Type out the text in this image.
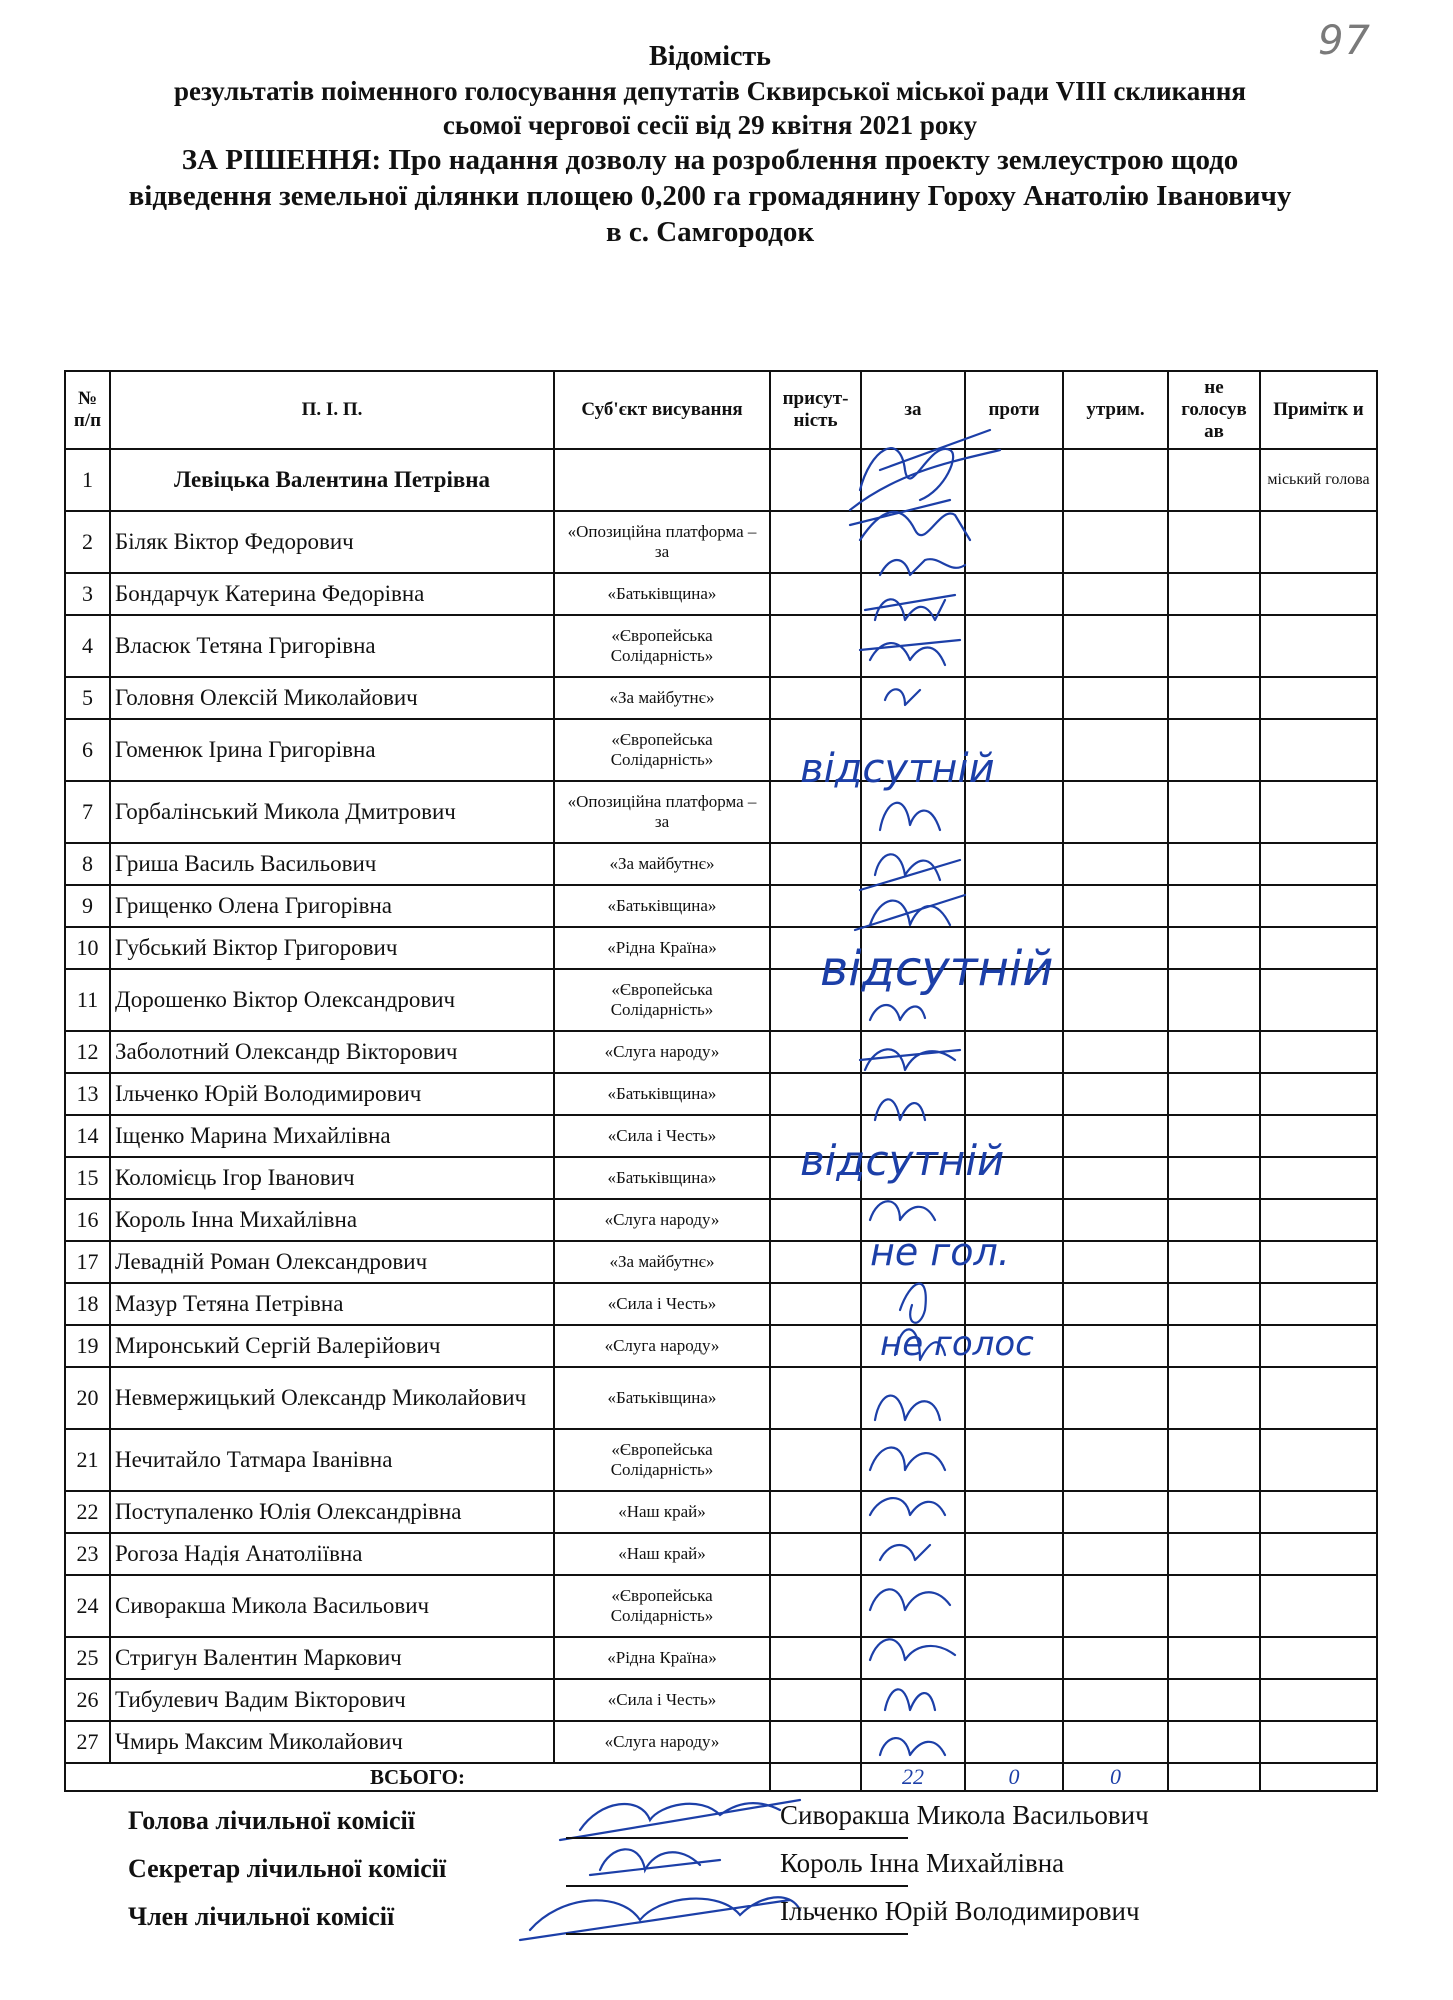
97
Відомість
результатів поіменного голосування депутатів Сквирської міської ради VIII скликання
сьомої чергової сесії від 29 квітня 2021 року
ЗА РІШЕННЯ: Про надання дозволу на розроблення проекту землеустрою щодо
відведення земельної ділянки площею 0,200 га громадянину Гороху Анатолію Івановичу
в с. Самгородок
№ п/п	П. І. П.	Суб'єкт висування	присут-ність	за	проти	утрим.	не голосув ав	Примітк и
1	Левіцька Валентина Петрівна							міський голова
2	Біляк Віктор Федорович	«Опозиційна платформа – за						
3	Бондарчук Катерина Федорівна	«Батьківщина»						
4	Власюк Тетяна Григорівна	«Європейська Солідарність»						
5	Головня Олексій Миколайович	«За майбутнє»						
6	Гоменюк Ірина Григорівна	«Європейська Солідарність»						
7	Горбалінський Микола Дмитрович	«Опозиційна платформа – за						
8	Гриша Василь Васильович	«За майбутнє»						
9	Грищенко Олена Григорівна	«Батьківщина»						
10	Губський Віктор Григорович	«Рідна Країна»						
11	Дорошенко Віктор Олександрович	«Європейська Солідарність»						
12	Заболотний Олександр Вікторович	«Слуга народу»						
13	Ільченко Юрій Володимирович	«Батьківщина»						
14	Іщенко Марина Михайлівна	«Сила і Честь»						
15	Коломієць Ігор Іванович	«Батьківщина»						
16	Король Інна Михайлівна	«Слуга народу»						
17	Левадній Роман Олександрович	«За майбутнє»						
18	Мазур Тетяна Петрівна	«Сила і Честь»						
19	Миронський Сергій Валерійович	«Слуга народу»						
20	Невмержицький Олександр Миколайович	«Батьківщина»						
21	Нечитайло Татмара Іванівна	«Європейська Солідарність»						
22	Поступаленко Юлія Олександрівна	«Наш край»						
23	Рогоза Надія Анатоліївна	«Наш край»						
24	Сиворакша Микола Васильович	«Європейська Солідарність»						
25	Стригун Валентин Маркович	«Рідна Країна»						
26	Тибулевич Вадим Вікторович	«Сила і Честь»						
27	Чмирь Максим Миколайович	«Слуга народу»						
ВСЬОГО:				22	0	0		
відсутній
відсутній
відсутній
не гол.
не голос
Голова лічильної комісії	Сиворакша Микола Васильович
Секретар лічильної комісії	Король Інна Михайлівна
Член лічильної комісії	Ільченко Юрій Володимирович
